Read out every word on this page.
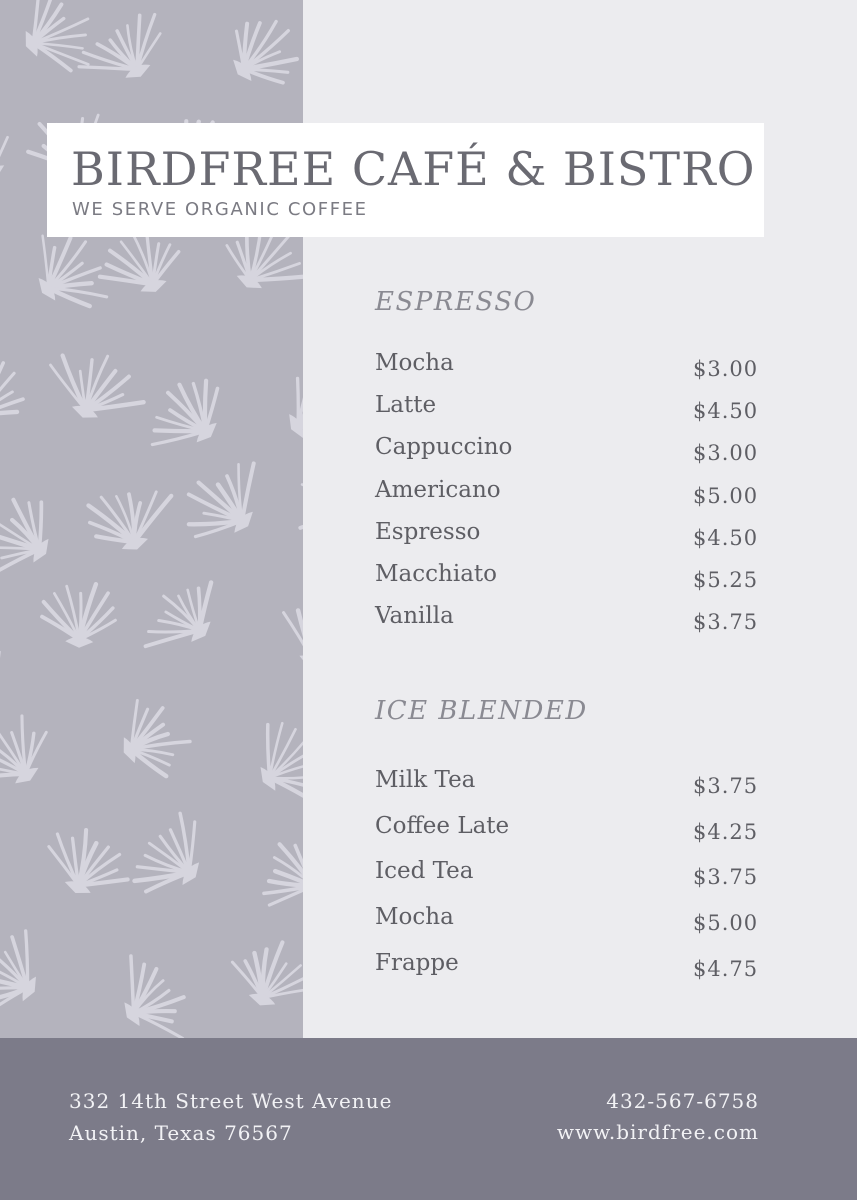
BIRDFREE CAFÉ & BISTRO
WE SERVE ORGANIC COFFEE
ESPRESSO
Mocha	$3.00
Latte	$4.50
Cappuccino	$3.00
Americano	$5.00
Espresso	$4.50
Macchiato	$5.25
Vanilla	$3.75
ICE BLENDED
Milk Tea	$3.75
Coffee Late	$4.25
Iced Tea	$3.75
Mocha	$5.00
Frappe	$4.75
332 14th Street West Avenue
Austin, Texas 76567
432-567-6758
www.birdfree.com
